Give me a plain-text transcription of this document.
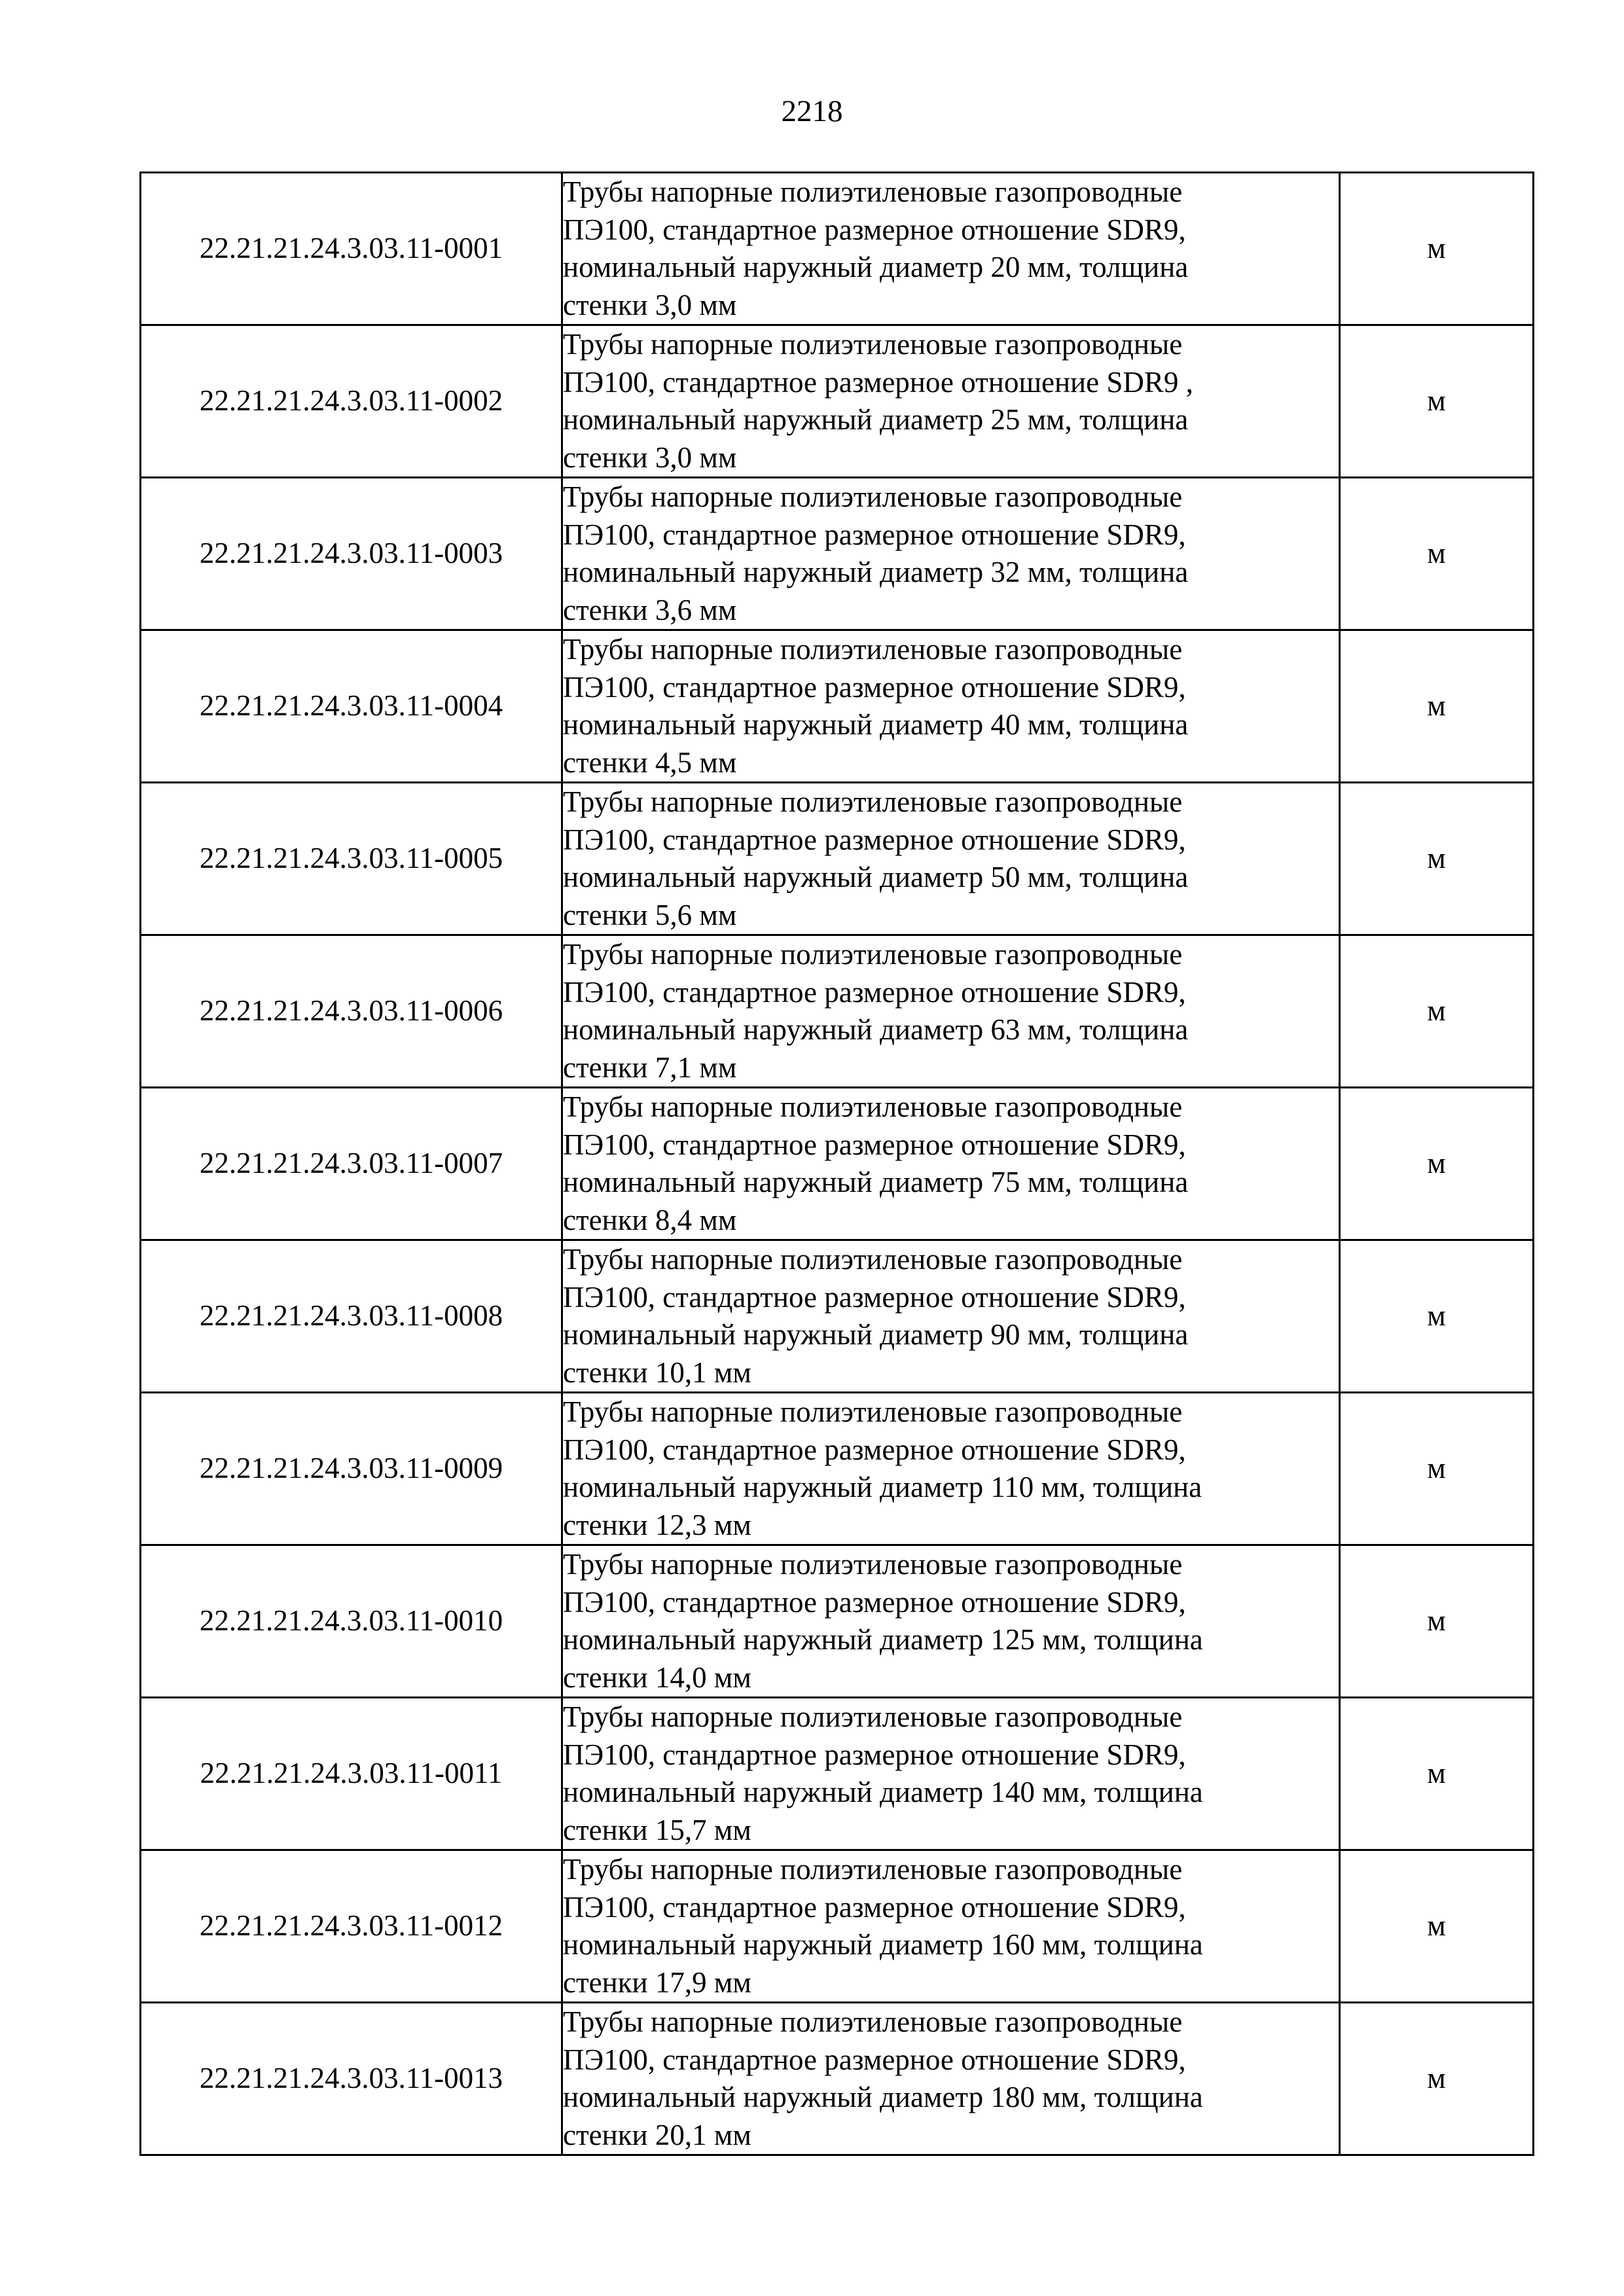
2218
22.21.21.24.3.03.11-0001	Трубы напорные полиэтиленовые газопроводные
ПЭ100, стандартное размерное отношение SDR9,
номинальный наружный диаметр 20 мм, толщина
стенки 3,0 мм	м
22.21.21.24.3.03.11-0002	Трубы напорные полиэтиленовые газопроводные
ПЭ100, стандартное размерное отношение SDR9 ,
номинальный наружный диаметр 25 мм, толщина
стенки 3,0 мм	м
22.21.21.24.3.03.11-0003	Трубы напорные полиэтиленовые газопроводные
ПЭ100, стандартное размерное отношение SDR9,
номинальный наружный диаметр 32 мм, толщина
стенки 3,6 мм	м
22.21.21.24.3.03.11-0004	Трубы напорные полиэтиленовые газопроводные
ПЭ100, стандартное размерное отношение SDR9,
номинальный наружный диаметр 40 мм, толщина
стенки 4,5 мм	м
22.21.21.24.3.03.11-0005	Трубы напорные полиэтиленовые газопроводные
ПЭ100, стандартное размерное отношение SDR9,
номинальный наружный диаметр 50 мм, толщина
стенки 5,6 мм	м
22.21.21.24.3.03.11-0006	Трубы напорные полиэтиленовые газопроводные
ПЭ100, стандартное размерное отношение SDR9,
номинальный наружный диаметр 63 мм, толщина
стенки 7,1 мм	м
22.21.21.24.3.03.11-0007	Трубы напорные полиэтиленовые газопроводные
ПЭ100, стандартное размерное отношение SDR9,
номинальный наружный диаметр 75 мм, толщина
стенки 8,4 мм	м
22.21.21.24.3.03.11-0008	Трубы напорные полиэтиленовые газопроводные
ПЭ100, стандартное размерное отношение SDR9,
номинальный наружный диаметр 90 мм, толщина
стенки 10,1 мм	м
22.21.21.24.3.03.11-0009	Трубы напорные полиэтиленовые газопроводные
ПЭ100, стандартное размерное отношение SDR9,
номинальный наружный диаметр 110 мм, толщина
стенки 12,3 мм	м
22.21.21.24.3.03.11-0010	Трубы напорные полиэтиленовые газопроводные
ПЭ100, стандартное размерное отношение SDR9,
номинальный наружный диаметр 125 мм, толщина
стенки 14,0 мм	м
22.21.21.24.3.03.11-0011	Трубы напорные полиэтиленовые газопроводные
ПЭ100, стандартное размерное отношение SDR9,
номинальный наружный диаметр 140 мм, толщина
стенки 15,7 мм	м
22.21.21.24.3.03.11-0012	Трубы напорные полиэтиленовые газопроводные
ПЭ100, стандартное размерное отношение SDR9,
номинальный наружный диаметр 160 мм, толщина
стенки 17,9 мм	м
22.21.21.24.3.03.11-0013	Трубы напорные полиэтиленовые газопроводные
ПЭ100, стандартное размерное отношение SDR9,
номинальный наружный диаметр 180 мм, толщина
стенки 20,1 мм	м
